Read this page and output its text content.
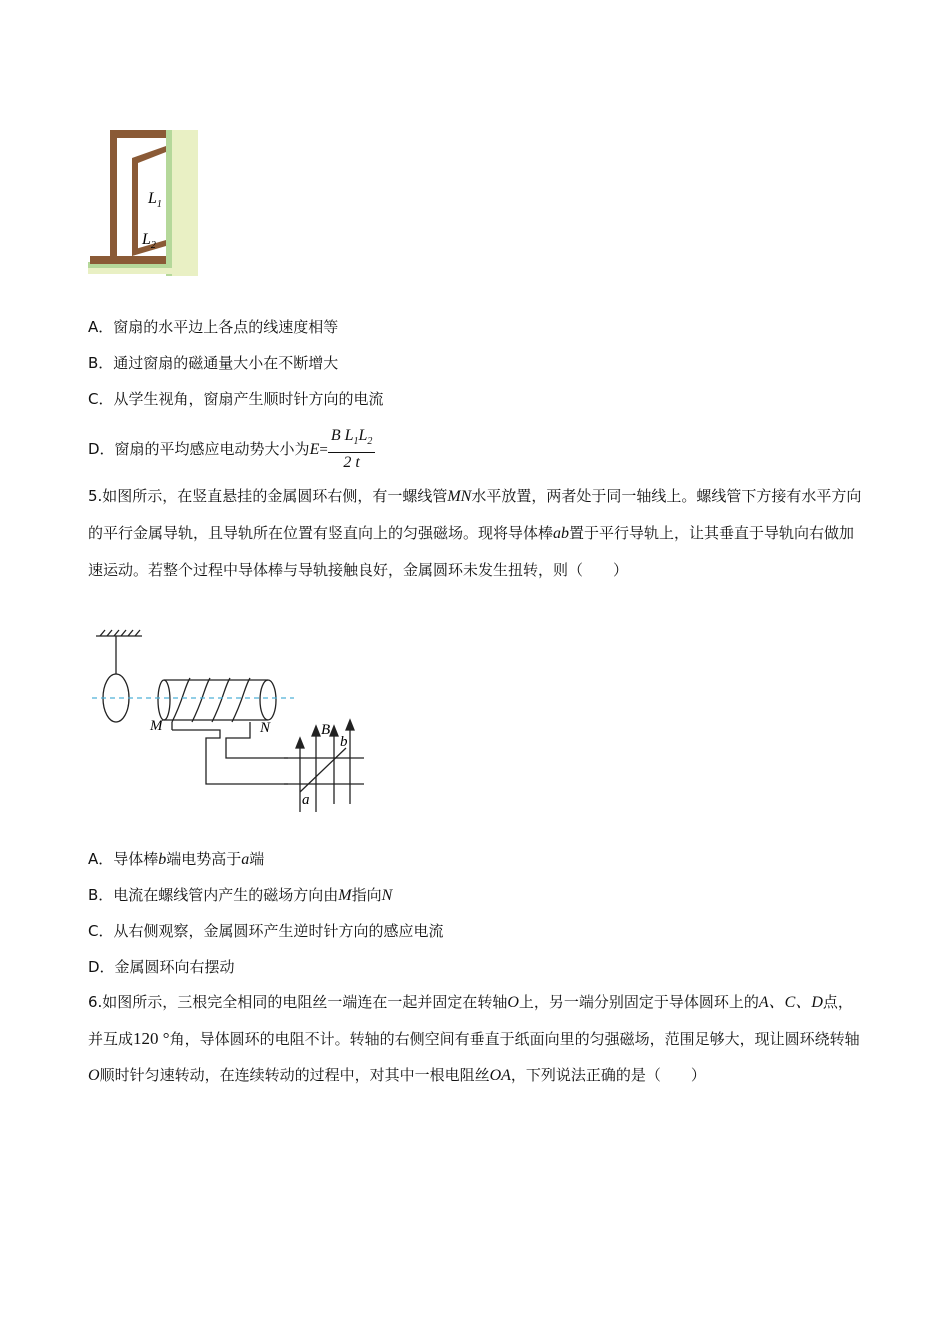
$L_1$
$L_2$
A．窗扇的水平边上各点的线速度相等
B．通过窗扇的磁通量大小在不断增大
C．从学生视角，窗扇产生顺时针方向的电流
D．窗扇的平均感应电动势大小为$E= \frac{B L_1L_2}{2 t}$
5.如图所示，在竖直悬挂的金属圆环右侧，有一螺线管MN水平放置，两者处于同一轴线上。螺线管下方接有水平方向的平行金属导轨，且导轨所在位置有竖直向上的匀强磁场。现将导体棒ab置于平行导轨上，让其垂直于导轨向右做加速运动。若整个过程中导体棒与导轨接触良好，金属圆环未发生扭转，则（　　）
M	N	B
b
a
A．导体棒b端电势高于a端
B．电流在螺线管内产生的磁场方向由M指向N
C．从右侧观察，金属圆环产生逆时针方向的感应电流
D．金属圆环向右摆动
6.如图所示，三根完全相同的电阻丝一端连在一起并固定在转轴O上，另一端分别固定于导体圆环上的A、C、D点，并互成120 °角，导体圆环的电阻不计。转轴的右侧空间有垂直于纸面向里的匀强磁场，范围足够大，现让圆环绕转轴O顺时针匀速转动，在连续转动的过程中，对其中一根电阻丝OA，下列说法正确的是（　　）
